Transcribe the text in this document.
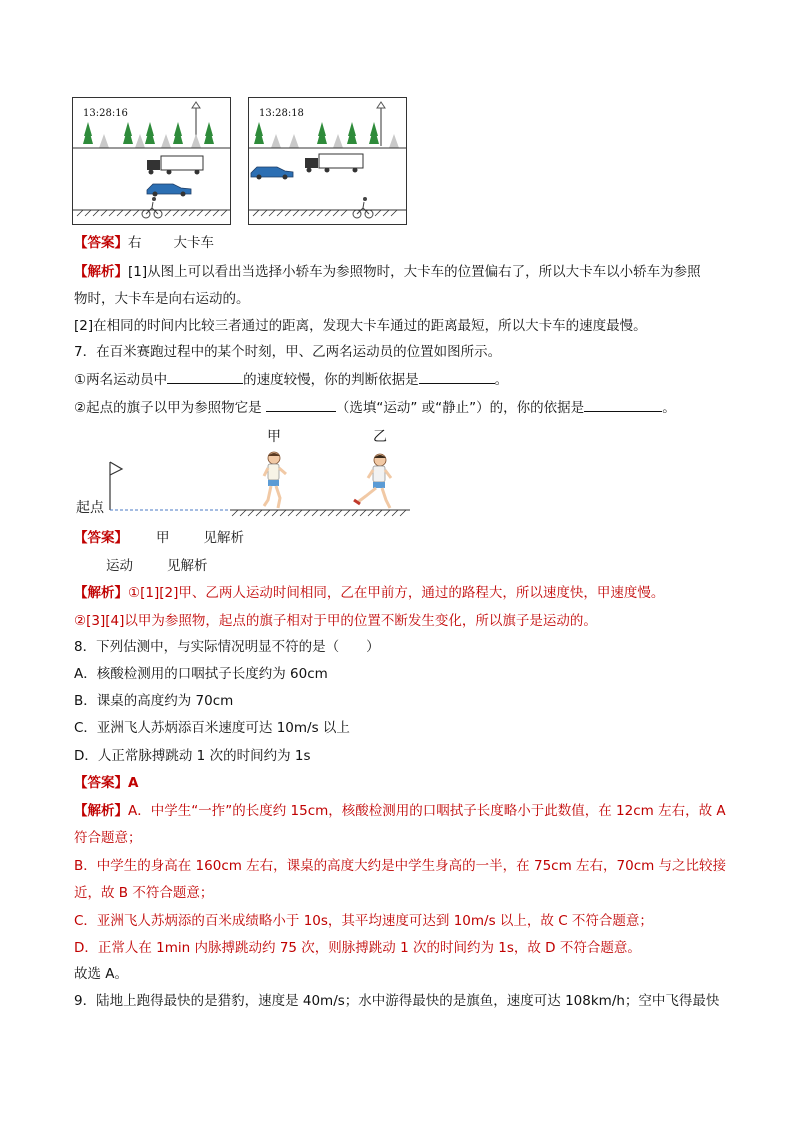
13:28:16	13:28:18
【答案】右 大卡车
【解析】[1]从图上可以看出当选择小轿车为参照物时，大卡车的位置偏右了，所以大卡车以小轿车为参照
物时，大卡车是向右运动的。
[2]在相同的时间内比较三者通过的距离，发现大卡车通过的距离最短，所以大卡车的速度最慢。
7．在百米赛跑过程中的某个时刻，甲、乙两名运动员的位置如图所示。
①两名运动员中	的速度较慢，你的判断依据是	。
②起点的旗子以甲为参照物它是	（选填“运动” 或“静止”）的，你的依据是	。
甲	乙
起点
【答案】 甲	见解析
运动	见解析
【解析】①[1][2]甲、乙两人运动时间相同，乙在甲前方，通过的路程大，所以速度快，甲速度慢。
②[3][4]以甲为参照物，起点的旗子相对于甲的位置不断发生变化，所以旗子是运动的。
8．下列估测中，与实际情况明显不符的是（　　）
A．核酸检测用的口咽拭子长度约为 60cm
B．课桌的高度约为 70cm
C．亚洲飞人苏炳添百米速度可达 10m/s 以上
D．人正常脉搏跳动 1 次的时间约为 1s
【答案】A
【解析】A．中学生“一拃”的长度约 15cm，核酸检测用的口咽拭子长度略小于此数值，在 12cm 左右，故 A
符合题意；
B．中学生的身高在 160cm 左右，课桌的高度大约是中学生身高的一半，在 75cm 左右，70cm 与之比较接
近，故 B 不符合题意；
C．亚洲飞人苏炳添的百米成绩略小于 10s，其平均速度可达到 10m/s 以上，故 C 不符合题意；
D．正常人在 1min 内脉搏跳动约 75 次，则脉搏跳动 1 次的时间约为 1s，故 D 不符合题意。
故选 A。
9．陆地上跑得最快的是猎豹，速度是 40m/s；水中游得最快的是旗鱼，速度可达 108km/h；空中飞得最快
